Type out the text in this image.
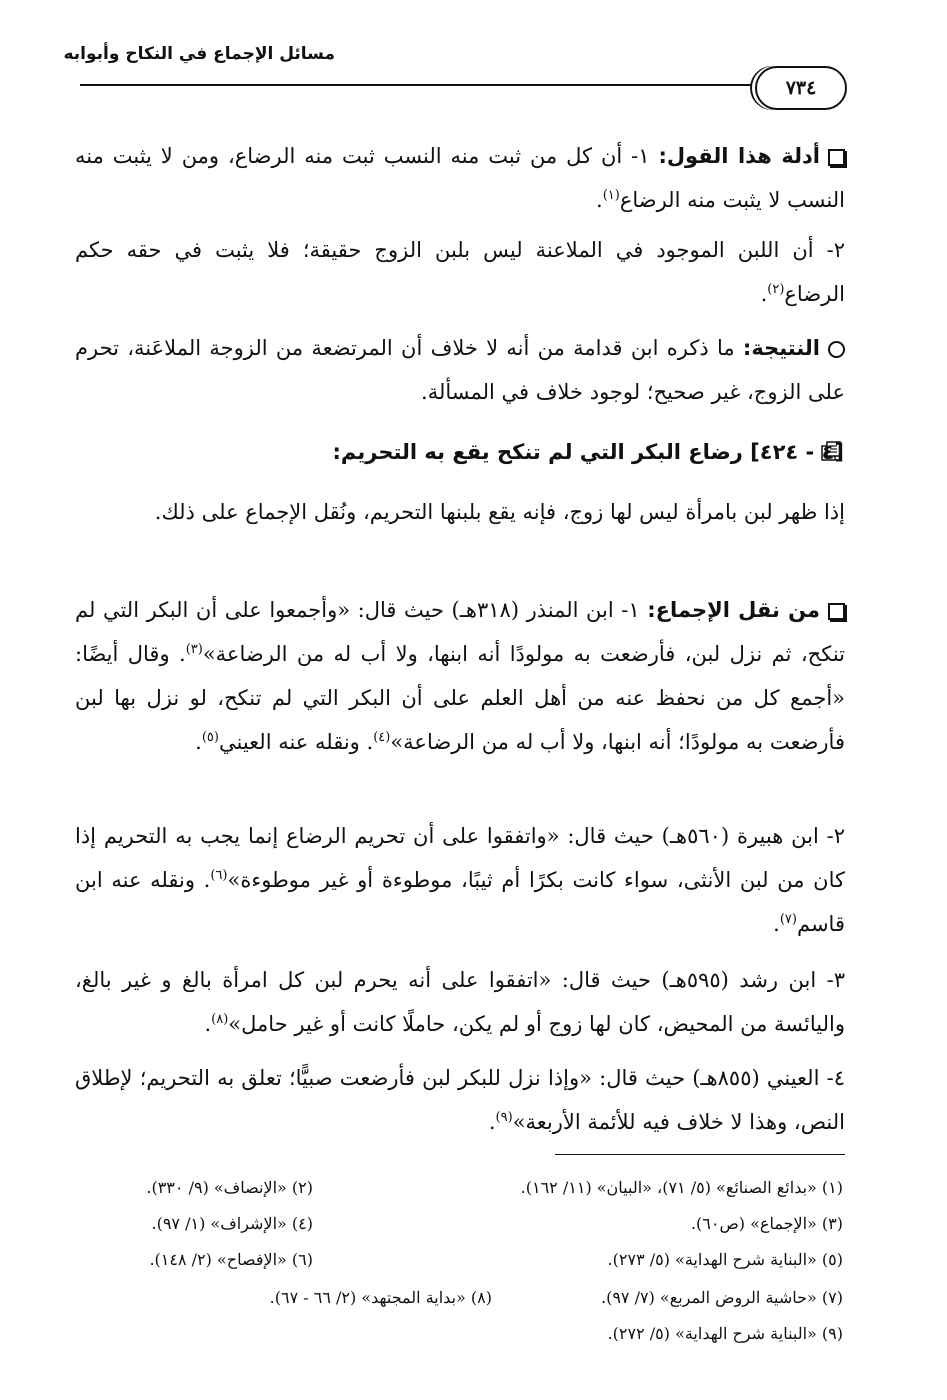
مسائل الإجماع في النكاح وأبوابه
٧٣٤
أدلة هذا القول: ١- أن كل من ثبت منه النسب ثبت منه الرضاع، ومن لا يثبت منه النسب لا يثبت منه الرضاع$^{(١)}$.
٢- أن اللبن الموجود في الملاعنة ليس بلبن الزوج حقيقة؛ فلا يثبت في حقه حكم الرضاع$^{(٢)}$.
النتيجة: ما ذكره ابن قدامة من أنه لا خلاف أن المرتضعة من الزوجة الملاعَنة، تحرم على الزوج، غير صحيح؛ لوجود خلاف في المسألة.
[٤ - ٤٢٤] رضاع البكر التي لم تنكح يقع به التحريم:
إذا ظهر لبن بامرأة ليس لها زوج، فإنه يقع بلبنها التحريم، ونُقل الإجماع على ذلك.
من نقل الإجماع: ١- ابن المنذر (٣١٨هـ) حيث قال: «وأجمعوا على أن البكر التي لم تنكح، ثم نزل لبن، فأرضعت به مولودًا أنه ابنها، ولا أب له من الرضاعة»$^{(٣)}$. وقال أيضًا: «أجمع كل من نحفظ عنه من أهل العلم على أن البكر التي لم تنكح، لو نزل بها لبن فأرضعت به مولودًا؛ أنه ابنها، ولا أب له من الرضاعة»$^{(٤)}$. ونقله عنه العيني$^{(٥)}$.
٢- ابن هبيرة (٥٦٠هـ) حيث قال: «واتفقوا على أن تحريم الرضاع إنما يجب به التحريم إذا كان من لبن الأنثى، سواء كانت بكرًا أم ثيبًا، موطوءة أو غير موطوءة»$^{(٦)}$. ونقله عنه ابن قاسم$^{(٧)}$.
٣- ابن رشد (٥٩٥هـ) حيث قال: «اتفقوا على أنه يحرم لبن كل امرأة بالغ و غير بالغ، واليائسة من المحيض، كان لها زوج أو لم يكن، حاملًا كانت أو غير حامل»$^{(٨)}$.
٤- العيني (٨٥٥هـ) حيث قال: «وإذا نزل للبكر لبن فأرضعت صبيًّا؛ تعلق به التحريم؛ لإطلاق النص، وهذا لا خلاف فيه للأئمة الأربعة»$^{(٩)}$.
(١) «بدائع الصنائع» (٥/ ٧١)، «البيان» (١١/ ١٦٢).
(٢) «الإنصاف» (٩/ ٣٣٠).
(٣) «الإجماع» (ص٦٠).
(٤) «الإشراف» (١/ ٩٧).
(٥) «البناية شرح الهداية» (٥/ ٢٧٣).
(٦) «الإفصاح» (٢/ ١٤٨).
(٧) «حاشية الروض المربع» (٧/ ٩٧).
(٨) «بداية المجتهد» (٢/ ٦٦ - ٦٧).
(٩) «البناية شرح الهداية» (٥/ ٢٧٢).
